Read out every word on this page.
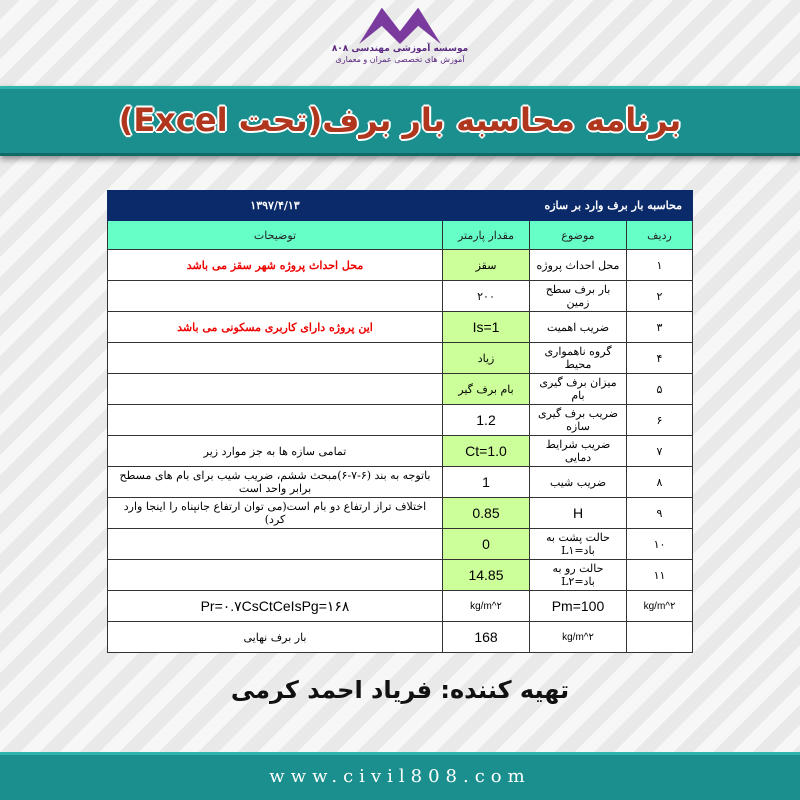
موسسه آموزشی مهندسی ۸۰۸
آموزش های تخصصی عمران و معماری
برنامه محاسبه بار برف(تحت Excel)
محاسبه بار برف وارد بر سازه			۱۳۹۷/۴/۱۳
ردیف	موضوع	مقدار پارمتر	توضیحات
۱	محل احداث پروژه	سقز	محل احداث پروژه شهر سقز می باشد
۲	بار برف سطح زمین	۲۰۰	
۳	ضریب اهمیت	Is=1	این پروژه دارای کاربری مسکونی می باشد
۴	گروه ناهمواری محیط	زیاد	
۵	میزان برف گیری بام	بام برف گیر	
۶	ضریب برف گیری سازه	1.2	
۷	ضریب شرایط دمایی	Ct=1.0	تمامی سازه ها به جز موارد زیر
۸	ضریب شیب	1	باتوجه به بند (۶-۷-۶)مبحث ششم، ضریب شیب برای بام های مسطح برابر واحد است
۹	H	0.85	اختلاف تراز ارتفاع دو بام است(می توان ارتفاع جانپناه را اینجا وارد کرد)
۱۰	حالت پشت به باد=L۱	0	
۱۱	حالت رو به باد=L۲	14.85	
kg/m^۲	Pm=100	kg/m^۲	Pr=۰.۷CsCtCeIsPg=۱۶۸
	kg/m^۲	168	بار برف نهایی
تهیه کننده: فریاد احمد کرمی
www.civil808.com
